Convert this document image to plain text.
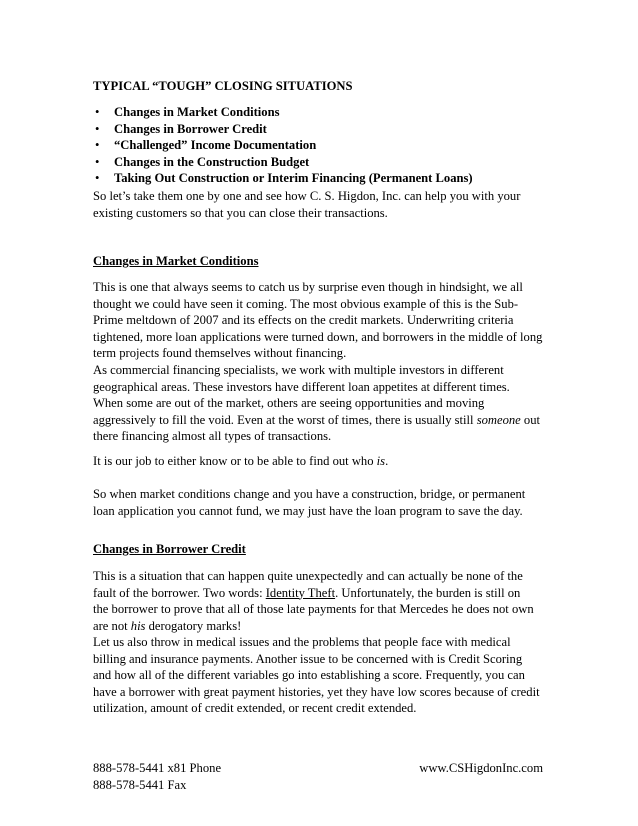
TYPICAL “TOUGH” CLOSING SITUATIONS
• Changes in Market Conditions
• Changes in Borrower Credit
• “Challenged” Income Documentation
• Changes in the Construction Budget
• Taking Out Construction or Interim Financing (Permanent Loans)
So let’s take them one by one and see how C. S. Higdon, Inc. can help you with your
existing customers so that you can close their transactions.
Changes in Market Conditions
This is one that always seems to catch us by surprise even though in hindsight, we all
thought we could have seen it coming. The most obvious example of this is the Sub-
Prime meltdown of 2007 and its effects on the credit markets. Underwriting criteria
tightened, more loan applications were turned down, and borrowers in the middle of long
term projects found themselves without financing.
As commercial financing specialists, we work with multiple investors in different
geographical areas. These investors have different loan appetites at different times.
When some are out of the market, others are seeing opportunities and moving
aggressively to fill the void. Even at the worst of times, there is usually still someone out
there financing almost all types of transactions.
It is our job to either know or to be able to find out who is.
So when market conditions change and you have a construction, bridge, or permanent
loan application you cannot fund, we may just have the loan program to save the day.
Changes in Borrower Credit
This is a situation that can happen quite unexpectedly and can actually be none of the
fault of the borrower. Two words: Identity Theft. Unfortunately, the burden is still on
the borrower to prove that all of those late payments for that Mercedes he does not own
are not his derogatory marks!
Let us also throw in medical issues and the problems that people face with medical
billing and insurance payments. Another issue to be concerned with is Credit Scoring
and how all of the different variables go into establishing a score. Frequently, you can
have a borrower with great payment histories, yet they have low scores because of credit
utilization, amount of credit extended, or recent credit extended.
888-578-5441 x81 Phone
888-578-5441 Fax
www.CSHigdonInc.com
